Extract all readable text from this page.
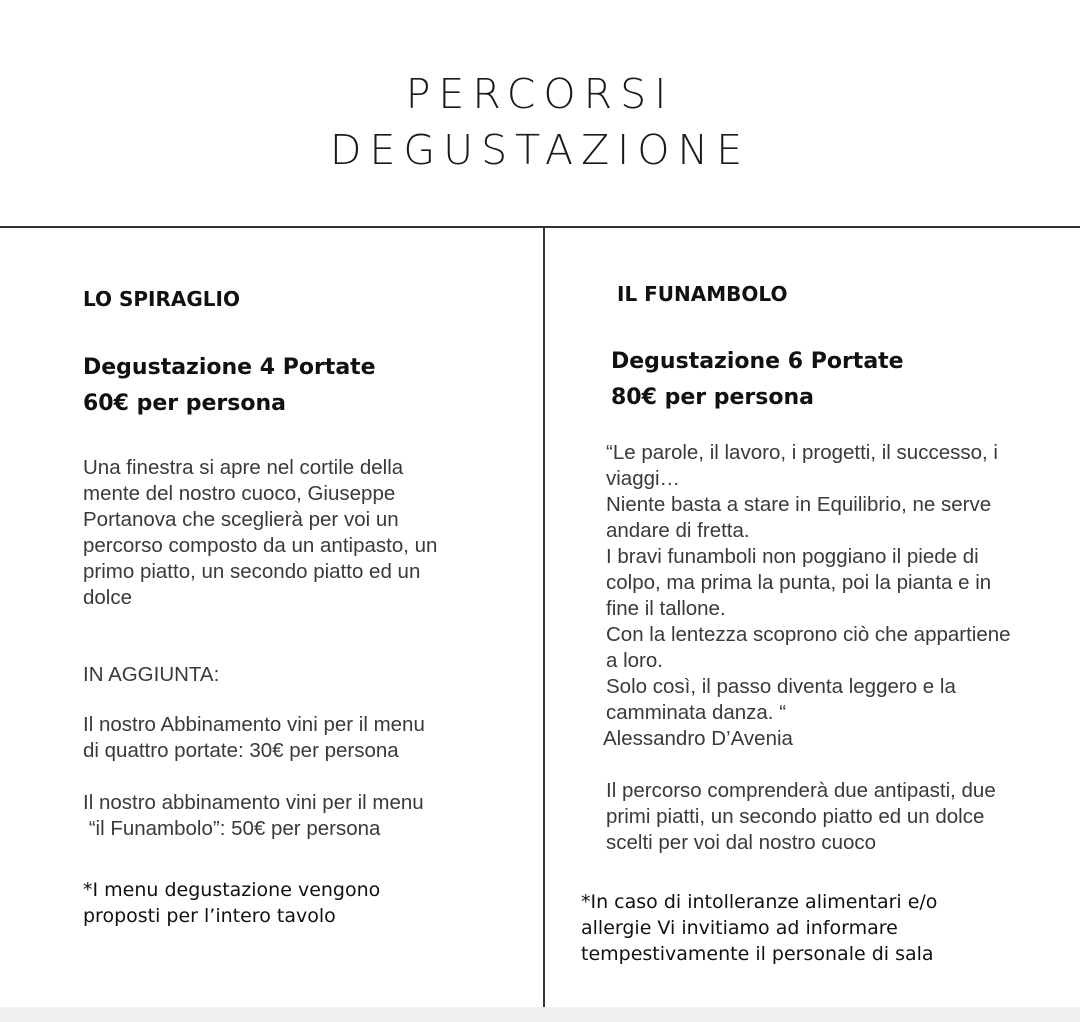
PERCORSI
DEGUSTAZIONE
LO SPIRAGLIO
Degustazione 4 Portate
60€ per persona
Una finestra si apre nel cortile della
mente del nostro cuoco, Giuseppe
Portanova che sceglierà per voi un
percorso composto da un antipasto, un
primo piatto, un secondo piatto ed un
dolce
IN AGGIUNTA:
Il nostro Abbinamento vini per il menu
di quattro portate: 30€ per persona
Il nostro abbinamento vini per il menu
“il Funambolo”: 50€ per persona
*I menu degustazione vengono
proposti per l’intero tavolo
IL FUNAMBOLO
Degustazione 6 Portate
80€ per persona
“Le parole, il lavoro, i progetti, il successo, i
viaggi…
Niente basta a stare in Equilibrio, ne serve
andare di fretta.
I bravi funamboli non poggiano il piede di
colpo, ma prima la punta, poi la pianta e in
fine il tallone.
Con la lentezza scoprono ciò che appartiene
a loro.
Solo così, il passo diventa leggero e la
camminata danza. “
Alessandro D’Avenia
Il percorso comprenderà due antipasti, due
primi piatti, un secondo piatto ed un dolce
scelti per voi dal nostro cuoco
*In caso di intolleranze alimentari e/o
allergie Vi invitiamo ad informare
tempestivamente il personale di sala
